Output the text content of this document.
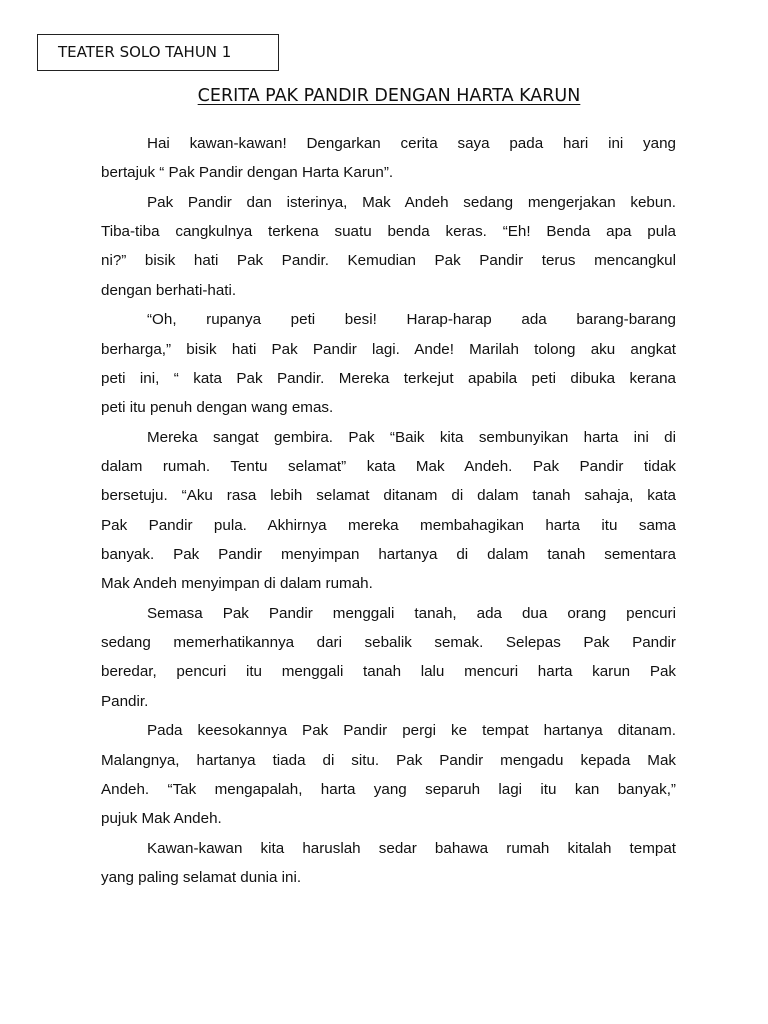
TEATER SOLO TAHUN 1
CERITA PAK PANDIR DENGAN HARTA KARUN
Hai kawan-kawan! Dengarkan cerita saya pada hari ini yang
bertajuk “ Pak Pandir dengan Harta Karun”.
Pak Pandir dan isterinya, Mak Andeh sedang mengerjakan kebun.
Tiba-tiba cangkulnya terkena suatu benda keras. “Eh! Benda apa pula
ni?” bisik hati Pak Pandir. Kemudian Pak Pandir terus mencangkul
dengan berhati-hati.
“Oh, rupanya peti besi! Harap-harap ada barang-barang
berharga,” bisik hati Pak Pandir lagi. Ande! Marilah tolong aku angkat
peti ini, “ kata Pak Pandir. Mereka terkejut apabila peti dibuka kerana
peti itu penuh dengan wang emas.
Mereka sangat gembira. Pak “Baik kita sembunyikan harta ini di
dalam rumah. Tentu selamat” kata Mak Andeh. Pak Pandir tidak
bersetuju. “Aku rasa lebih selamat ditanam di dalam tanah sahaja, kata
Pak Pandir pula. Akhirnya mereka membahagikan harta itu sama
banyak. Pak Pandir menyimpan hartanya di dalam tanah sementara
Mak Andeh menyimpan di dalam rumah.
Semasa Pak Pandir menggali tanah, ada dua orang pencuri
sedang memerhatikannya dari sebalik semak. Selepas Pak Pandir
beredar, pencuri itu menggali tanah lalu mencuri harta karun Pak
Pandir.
Pada keesokannya Pak Pandir pergi ke tempat hartanya ditanam.
Malangnya, hartanya tiada di situ. Pak Pandir mengadu kepada Mak
Andeh. “Tak mengapalah, harta yang separuh lagi itu kan banyak,”
pujuk Mak Andeh.
Kawan-kawan kita haruslah sedar bahawa rumah kitalah tempat
yang paling selamat dunia ini.
